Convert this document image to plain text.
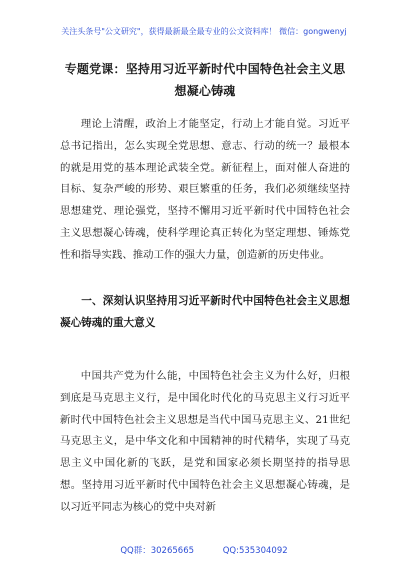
关注头条号"公文研究"，获得最新最全最专业的公文资料库！ 微信：gongwenyj
专题党课：坚持用习近平新时代中国特色社会主义思想凝心铸魂

理论上清醒，政治上才能坚定，行动上才能自觉。习近平总书记指出，怎么实现全党思想、意志、行动的统一？最根本的就是用党的基本理论武装全党。新征程上，面对催人奋进的目标、复杂严峻的形势、艰巨繁重的任务，我们必须继续坚持思想建党、理论强党，坚持不懈用习近平新时代中国特色社会主义思想凝心铸魂，使科学理论真正转化为坚定理想、锤炼党性和指导实践、推动工作的强大力量，创造新的历史伟业。

一、深刻认识坚持用习近平新时代中国特色社会主义思想凝心铸魂的重大意义

中国共产党为什么能，中国特色社会主义为什么好，归根到底是马克思主义行，是中国化时代化的马克思主义行习近平新时代中国特色社会主义思想是当代中国马克思主义、21世纪马克思主义，是中华文化和中国精神的时代精华，实现了马克思主义中国化新的飞跃，是党和国家必须长期坚持的指导思想。坚持用习近平新时代中国特色社会主义思想凝心铸魂，是以习近平同志为核心的党中央对新

QQ群：30265665	QQ:535304092
